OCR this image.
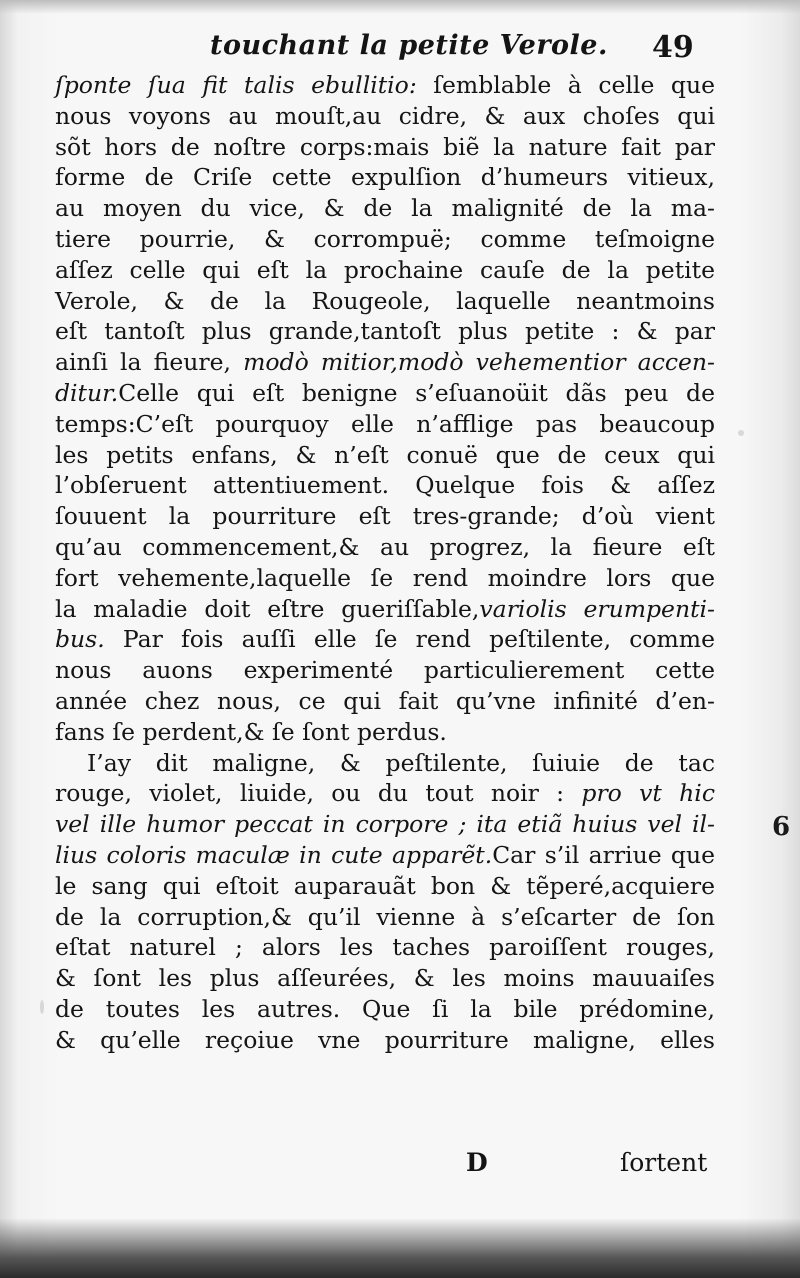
touchant la petite Verole. 49
ſponte ſua fit talis ebullitio: ſemblable à celle que
nous voyons au mouſt,au cidre, & aux choſes qui
sõt hors de noſtre corps:mais biẽ la nature fait par
forme de Criſe cette expulſion d’humeurs vitieux,
au moyen du vice, & de la malignité de la ma-
tiere pourrie, & corrompuë; comme teſmoigne
aſſez celle qui eſt la prochaine cauſe de la petite
Verole, & de la Rougeole, laquelle neantmoins
eſt tantoſt plus grande,tantoſt plus petite : & par
ainſi la fieure, modò mitior,modò vehementior accen-
ditur.Celle qui eſt benigne s’eſuanoüit dãs peu de
temps:C’eſt pourquoy elle n’afflige pas beaucoup
les petits enfans, & n’eſt conuë que de ceux qui
l’obſeruent attentiuement. Quelque fois & aſſez
ſouuent la pourriture eſt tres-grande; d’où vient
qu’au commencement,& au progrez, la fieure eſt
fort vehemente,laquelle ſe rend moindre lors que
la maladie doit eſtre gueriſſable,variolis erumpenti-
bus. Par fois auſſi elle ſe rend peſtilente, comme
nous auons experimenté particulierement cette
année chez nous, ce qui fait qu’vne infinité d’en-
fans ſe perdent,& ſe ſont perdus.
I’ay dit maligne, & peſtilente, ſuiuie de tac
rouge, violet, liuide, ou du tout noir : pro vt hic
vel ille humor peccat in corpore ; ita etiã huius vel il-
lius coloris maculæ in cute apparẽt.Car s’il arriue que
le sang qui eſtoit auparauãt bon & tẽperé,acquiere
de la corruption,& qu’il vienne à s’eſcarter de ſon
eſtat naturel ; alors les taches paroiſſent rouges,
& ſont les plus aſſeurées, & les moins mauuaiſes
de toutes les autres. Que ſi la bile prédomine,
& qu’elle reçoiue vne pourriture maligne, elles
6
D	ſortent
